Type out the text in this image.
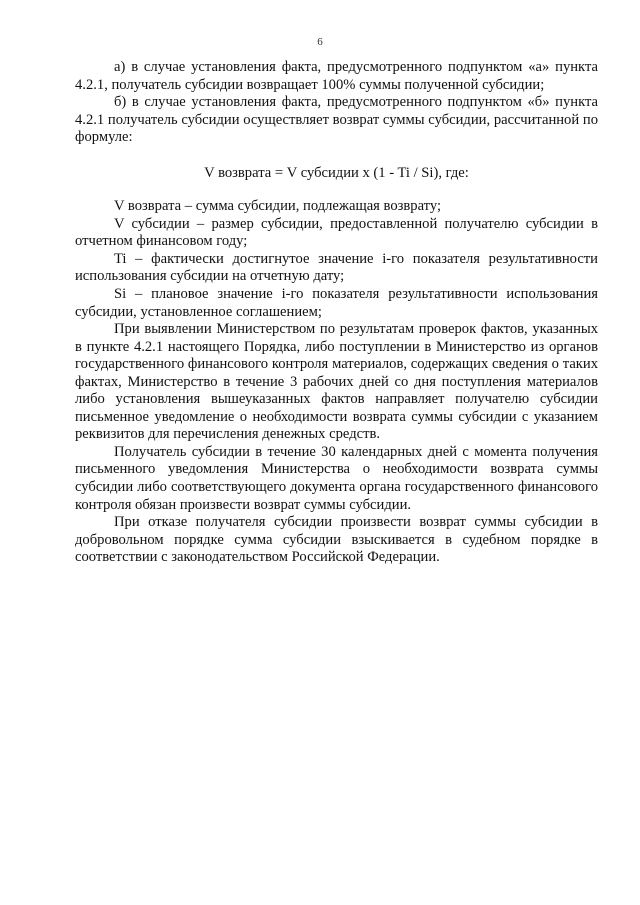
6

а) в случае установления факта, предусмотренного подпунктом «а» пункта 4.2.1, получатель субсидии возвращает 100% суммы полученной субсидии;

б) в случае установления факта, предусмотренного подпунктом «б» пункта 4.2.1 получатель субсидии осуществляет возврат суммы субсидии, рассчитанной по формуле:

V возврата = V субсидии x (1 - Ti / Si), где:

V возврата – сумма субсидии, подлежащая возврату;

V субсидии – размер субсидии, предоставленной получателю субсидии в отчетном финансовом году;

Ti – фактически достигнутое значение i-го показателя результативности использования субсидии на отчетную дату;

Si – плановое значение i-го показателя результативности использования субсидии, установленное соглашением;

При выявлении Министерством по результатам проверок фактов, указанных в пункте 4.2.1 настоящего Порядка, либо поступлении в Министерство из органов государственного финансового контроля материалов, содержащих сведения о таких фактах, Министерство в течение 3 рабочих дней со дня поступления материалов либо установления вышеуказанных фактов направляет получателю субсидии письменное уведомление о необходимости возврата суммы субсидии с указанием реквизитов для перечисления денежных средств.

Получатель субсидии в течение 30 календарных дней с момента получения письменного уведомления Министерства о необходимости возврата суммы субсидии либо соответствующего документа органа государственного финансового контроля обязан произвести возврат суммы субсидии.

При отказе получателя субсидии произвести возврат суммы субсидии в добровольном порядке сумма субсидии взыскивается в судебном порядке в соответствии с законодательством Российской Федерации.
